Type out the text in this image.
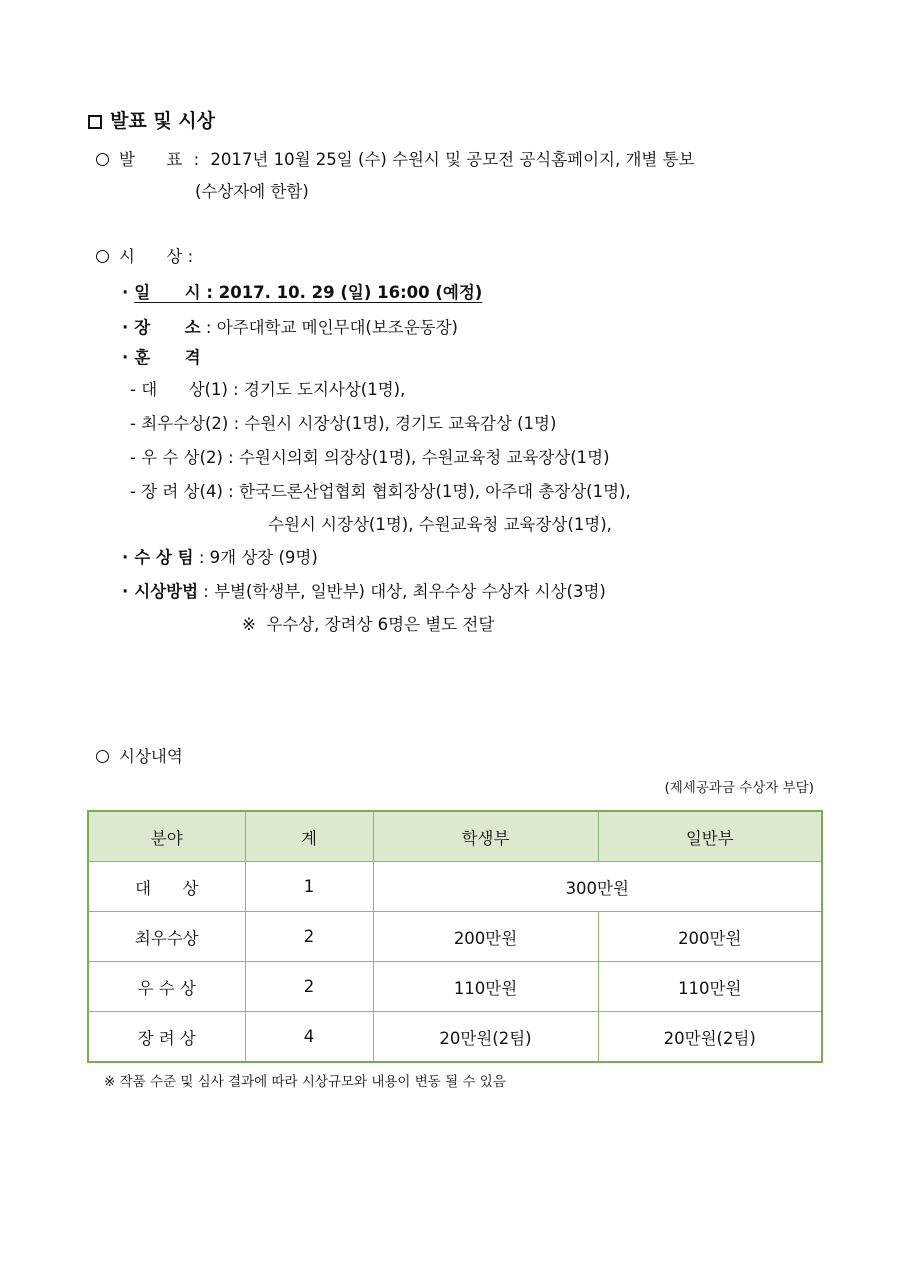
발표 및 시상
발      표 : 2017년 10월 25일 (수) 수원시 및 공모전 공식홈페이지, 개별 통보
(수상자에 한함)
시      상 :
· 일      시 : 2017. 10. 29 (일) 16:00 (예정)
· 장      소 : 아주대학교 메인무대(보조운동장)
· 훈      격
- 대      상(1) : 경기도 도지사상(1명),
- 최우수상(2) : 수원시 시장상(1명), 경기도 교육감상 (1명)
- 우 수 상(2) : 수원시의회 의장상(1명), 수원교육청 교육장상(1명)
- 장 려 상(4) : 한국드론산업협회 협회장상(1명), 아주대 총장상(1명),
수원시 시장상(1명), 수원교육청 교육장상(1명),
· 수 상 팀 : 9개 상장 (9명)
· 시상방법 : 부별(학생부, 일반부) 대상, 최우수상 수상자 시상(3명)
※  우수상, 장려상 6명은 별도 전달
시상내역
(제세공과금 수상자 부담)
분야	계	학생부	일반부
대      상	1	300만원	
최우수상	2	200만원	200만원
우 수 상	2	110만원	110만원
장 려 상	4	20만원(2팀)	20만원(2팀)
※ 작품 수준 및 심사 결과에 따라 시상규모와 내용이 변동 될 수 있음
